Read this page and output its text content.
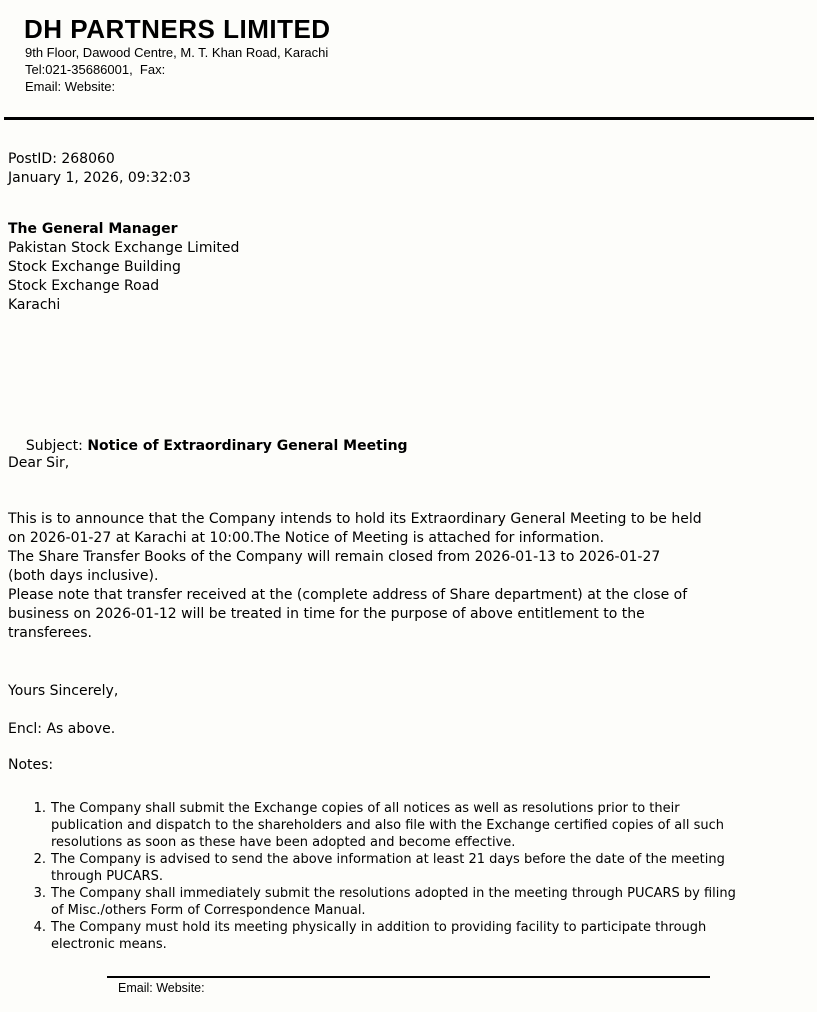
DH PARTNERS LIMITED
9th Floor, Dawood Centre, M. T. Khan Road, Karachi
Tel:021-35686001,  Fax:
Email: Website:
PostID: 268060
January 1, 2026, 09:32:03
The General Manager
Pakistan Stock Exchange Limited
Stock Exchange Building
Stock Exchange Road
Karachi

Subject: Notice of Extraordinary General Meeting

Dear Sir,
This is to announce that the Company intends to hold its Extraordinary General Meeting to be held
on 2026-01-27 at Karachi at 10:00.The Notice of Meeting is attached for information.
The Share Transfer Books of the Company will remain closed from 2026-01-13 to 2026-01-27
(both days inclusive).
Please note that transfer received at the (complete address of Share department) at the close of
business on 2026-01-12 will be treated in time for the purpose of above entitlement to the
transferees.
Yours Sincerely,
Encl: As above.
Notes:
1. The Company shall submit the Exchange copies of all notices as well as resolutions prior to their
publication and dispatch to the shareholders and also file with the Exchange certified copies of all such
resolutions as soon as these have been adopted and become effective.
2. The Company is advised to send the above information at least 21 days before the date of the meeting
through PUCARS.
3. The Company shall immediately submit the resolutions adopted in the meeting through PUCARS by filing
of Misc./others Form of Correspondence Manual.
4. The Company must hold its meeting physically in addition to providing facility to participate through
electronic means.
Email: Website:
